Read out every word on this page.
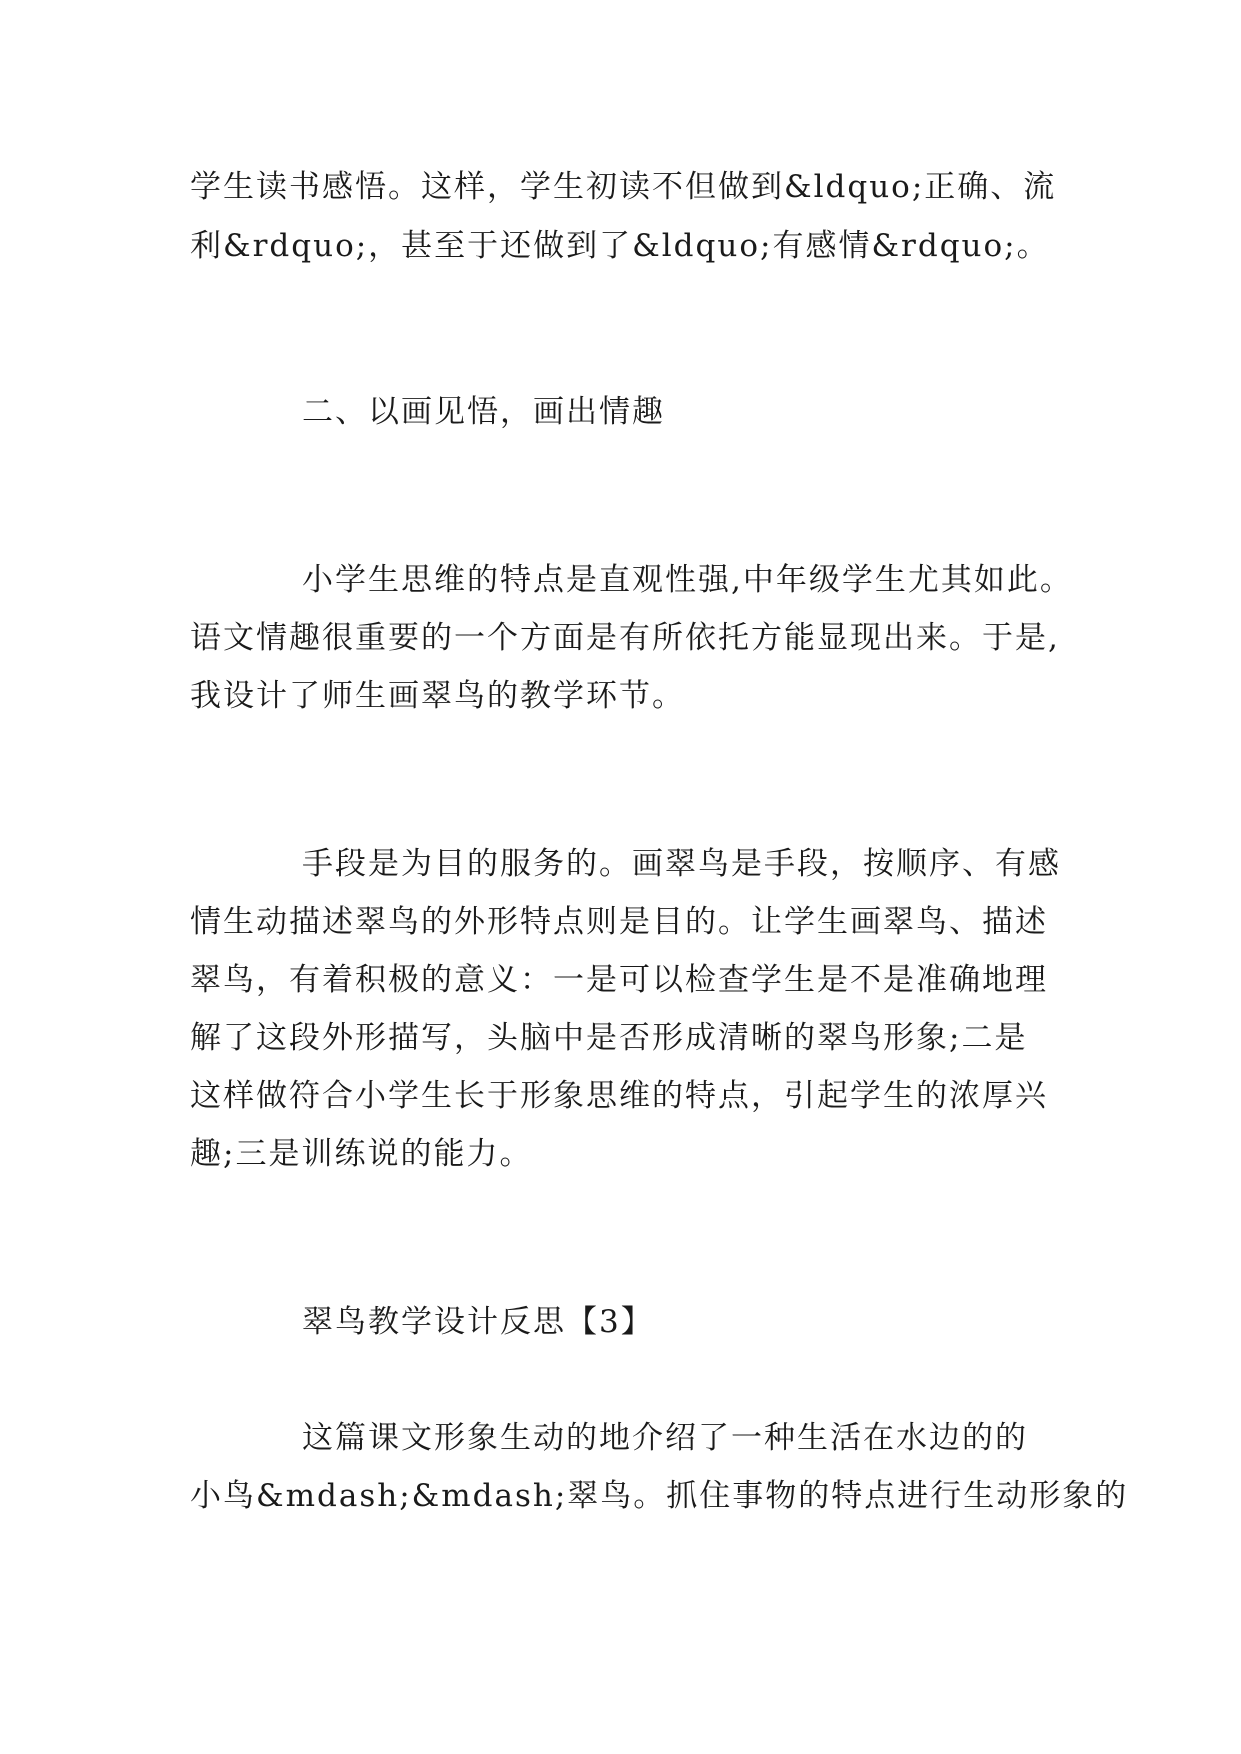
学生读书感悟。这样，学生初读不但做到&ldquo;正确、流
利&rdquo;，甚至于还做到了&ldquo;有感情&rdquo;。
二、以画见悟，画出情趣
小学生思维的特点是直观性强,中年级学生尤其如此。
语文情趣很重要的一个方面是有所依托方能显现出来。于是,
我设计了师生画翠鸟的教学环节。
手段是为目的服务的。画翠鸟是手段，按顺序、有感
情生动描述翠鸟的外形特点则是目的。让学生画翠鸟、描述
翠鸟，有着积极的意义：一是可以检查学生是不是准确地理
解了这段外形描写，头脑中是否形成清晰的翠鸟形象;二是
这样做符合小学生长于形象思维的特点，引起学生的浓厚兴
趣;三是训练说的能力。
翠鸟教学设计反思【3】
这篇课文形象生动的地介绍了一种生活在水边的的
小鸟&mdash;&mdash;翠鸟。抓住事物的特点进行生动形象的
